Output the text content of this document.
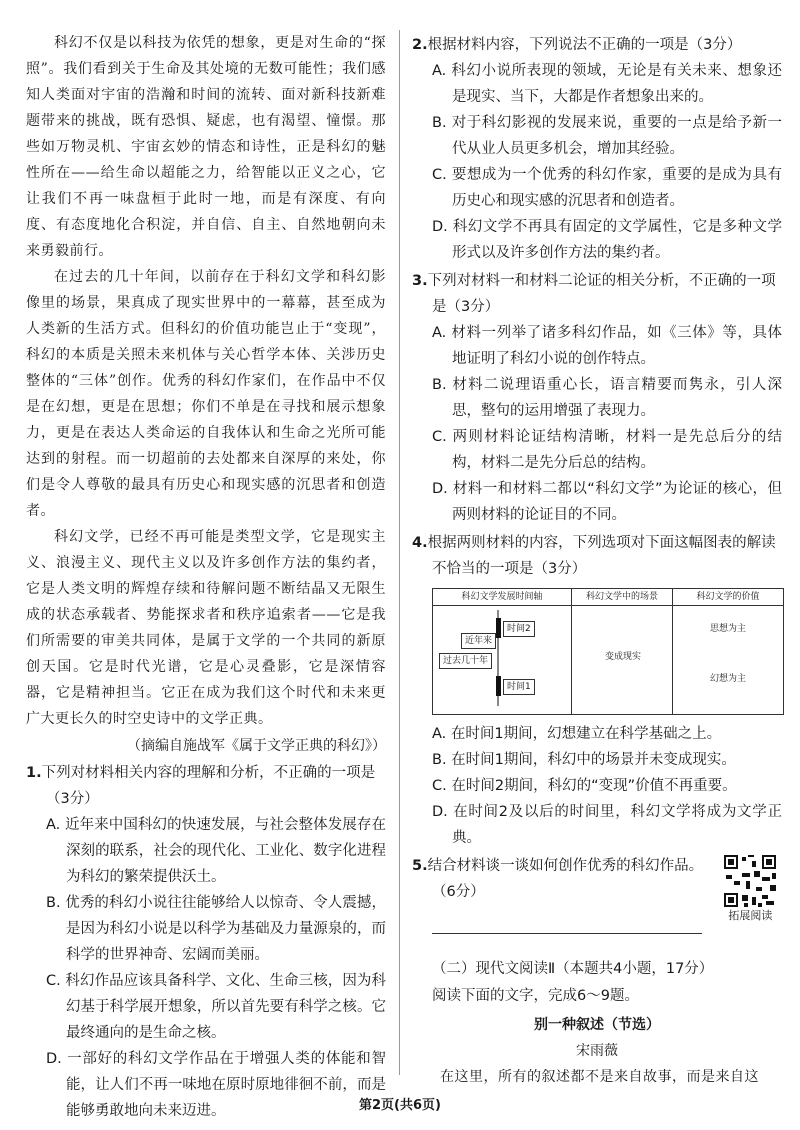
科幻不仅是以科技为依凭的想象，更是对生命的“探照”。我们看到关于生命及其处境的无数可能性；我们感知人类面对宇宙的浩瀚和时间的流转、面对新科技新难题带来的挑战，既有恐惧、疑虑，也有渴望、憧憬。那些如万物灵机、宇宙玄妙的情态和诗性，正是科幻的魅性所在——给生命以超能之力，给智能以正义之心，它让我们不再一味盘桓于此时一地，而是有深度、有向度、有态度地化合积淀，并自信、自主、自然地朝向未来勇毅前行。

在过去的几十年间，以前存在于科幻文学和科幻影像里的场景，果真成了现实世界中的一幕幕，甚至成为人类新的生活方式。但科幻的价值功能岂止于“变现”，科幻的本质是关照未来机体与关心哲学本体、关涉历史整体的“三体”创作。优秀的科幻作家们，在作品中不仅是在幻想，更是在思想；你们不单是在寻找和展示想象力，更是在表达人类命运的自我体认和生命之光所可能达到的射程。而一切超前的去处都来自深厚的来处，你们是令人尊敬的最具有历史心和现实感的沉思者和创造者。

科幻文学，已经不再可能是类型文学，它是现实主义、浪漫主义、现代主义以及许多创作方法的集约者，它是人类文明的辉煌存续和待解问题不断结晶又无限生成的状态承载者、势能探求者和秩序追索者——它是我们所需要的审美共同体，是属于文学的一个共同的新原创天国。它是时代光谱，它是心灵叠影，它是深情容器，它是精神担当。它正在成为我们这个时代和未来更广大更长久的时空史诗中的文学正典。

（摘编自施战军《属于文学正典的科幻》）

1.下列对材料相关内容的理解和分析，不正确的一项是（3分）

A. 近年来中国科幻的快速发展，与社会整体发展存在深刻的联系，社会的现代化、工业化、数字化进程为科幻的繁荣提供沃土。

B. 优秀的科幻小说往往能够给人以惊奇、令人震撼，是因为科幻小说是以科学为基础及力量源泉的，而科学的世界神奇、宏阔而美丽。

C. 科幻作品应该具备科学、文化、生命三核，因为科幻基于科学展开想象，所以首先要有科学之核。它最终通向的是生命之核。

D. 一部好的科幻文学作品在于增强人类的体能和智能，让人们不再一味地在原时原地徘徊不前，而是能够勇敢地向未来迈进。

2.根据材料内容，下列说法不正确的一项是（3分）

A. 科幻小说所表现的领域，无论是有关未来、想象还是现实、当下，大都是作者想象出来的。

B. 对于科幻影视的发展来说，重要的一点是给予新一代从业人员更多机会，增加其经验。

C. 要想成为一个优秀的科幻作家，重要的是成为具有历史心和现实感的沉思者和创造者。

D. 科幻文学不再具有固定的文学属性，它是多种文学形式以及许多创作方法的集约者。

3.下列对材料一和材料二论证的相关分析，不正确的一项是（3分）

A. 材料一列举了诸多科幻作品，如《三体》等，具体地证明了科幻小说的创作特点。

B. 材料二说理语重心长，语言精要而隽永，引人深思，整句的运用增强了表现力。

C. 两则材料论证结构清晰，材料一是先总后分的结构，材料二是先分后总的结构。

D. 材料一和材料二都以“科幻文学”为论证的核心，但两则材料的论证目的不同。

4.根据两则材料的内容，下列选项对下面这幅图表的解读不恰当的一项是（3分）

科幻文学发展时间轴	科幻文学中的场景	科幻文学的价值
近年来
过去几十年
时间2
时间1
变成现实
思想为主
幻想为主

A. 在时间1期间，幻想建立在科学基础之上。

B. 在时间1期间，科幻中的场景并未变成现实。

C. 在时间2期间，科幻的“变现”价值不再重要。

D. 在时间2及以后的时间里，科幻文学将成为文学正典。

5.结合材料谈一谈如何创作优秀的科幻作品。（6分）

拓展阅读

（二）现代文阅读Ⅱ（本题共4小题，17分）

阅读下面的文字，完成6～9题。

别一种叙述（节选）

宋雨薇

在这里，所有的叙述都不是来自故事，而是来自这

第2页(共6页)
